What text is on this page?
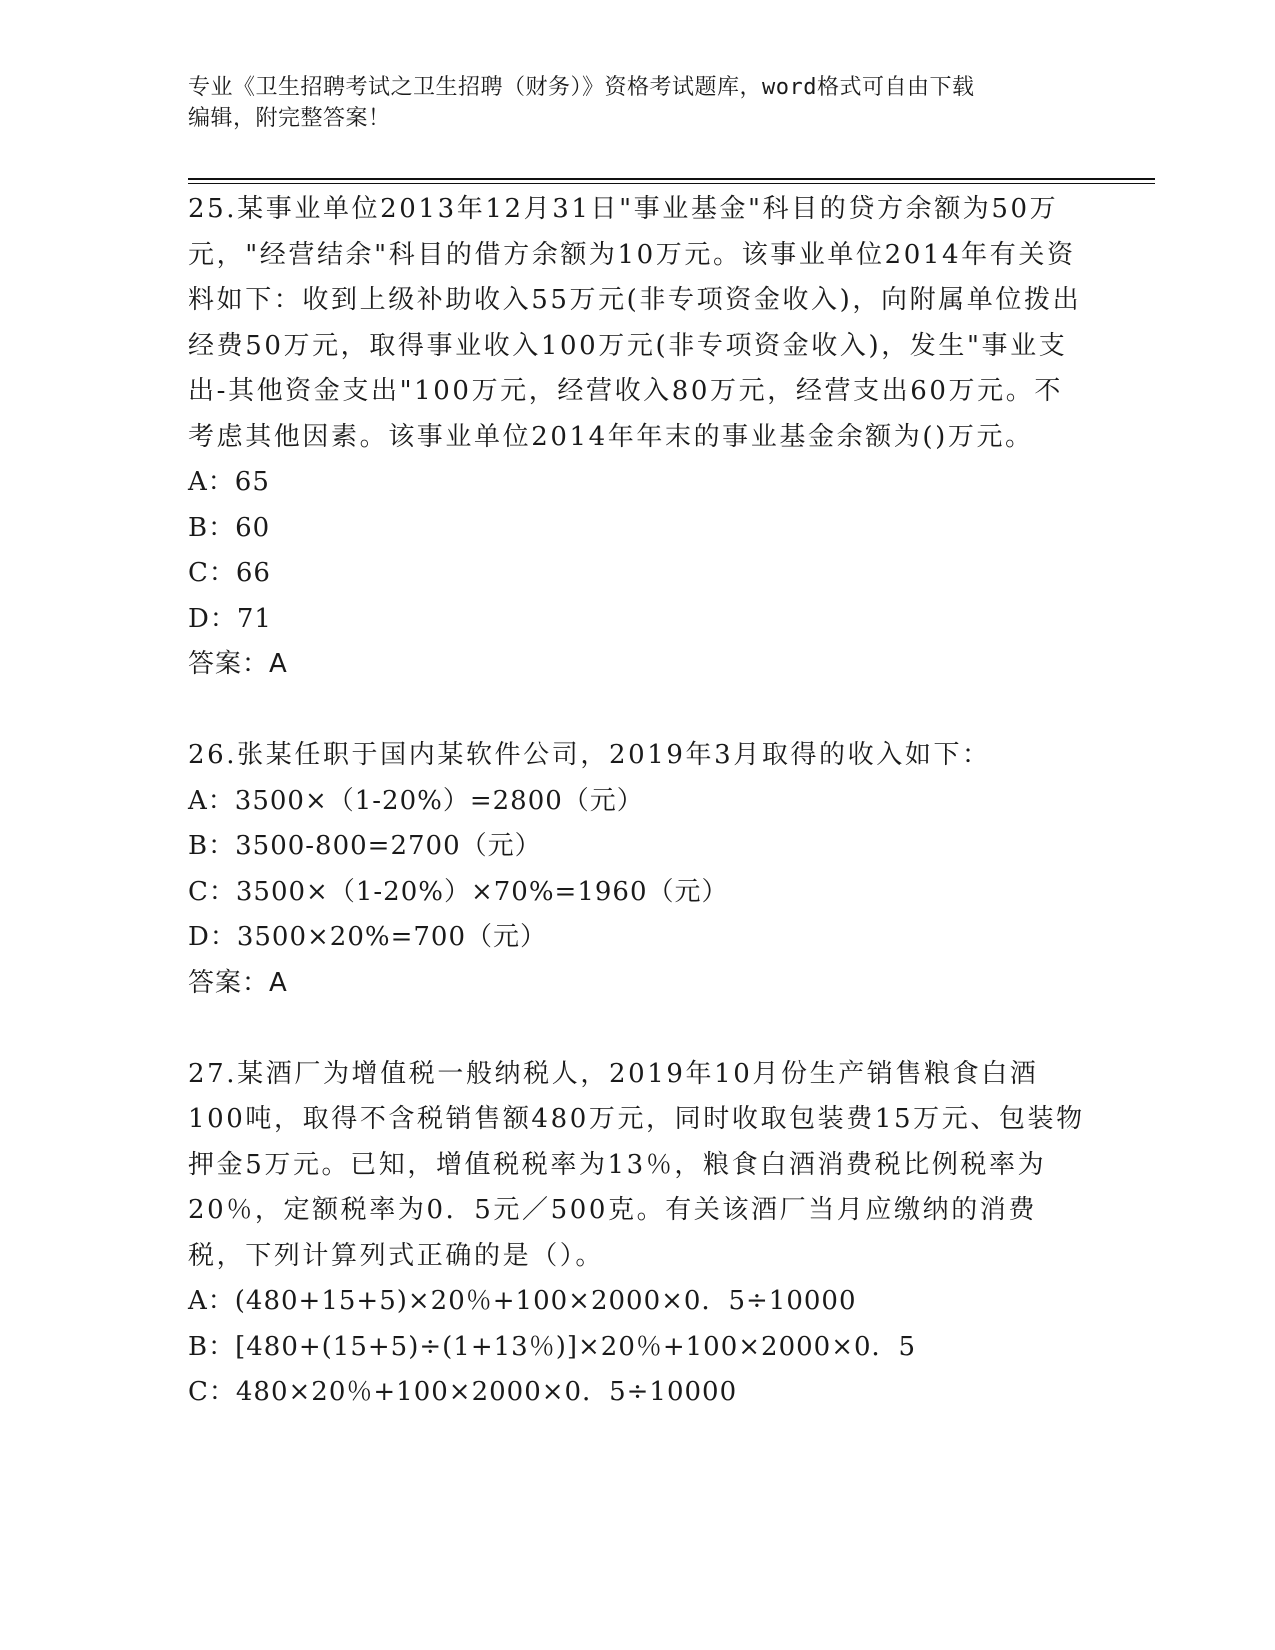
专业《卫生招聘考试之卫生招聘（财务）》资格考试题库，word格式可自由下载
编辑，附完整答案！

25.某事业单位2013年12月31日"事业基金"科目的贷方余额为50万元，"经营结余"科目的借方余额为10万元。该事业单位2014年有关资料如下：收到上级补助收入55万元(非专项资金收入)，向附属单位拨出经费50万元，取得事业收入100万元(非专项资金收入)，发生"事业支出-其他资金支出"100万元，经营收入80万元，经营支出60万元。不考虑其他因素。该事业单位2014年年末的事业基金余额为()万元。

A：65

B：60

C：66

D：71

答案：A

26.张某任职于国内某软件公司，2019年3月取得的收入如下：

A：3500×（1-20%）=2800（元）

B：3500-800=2700（元）

C：3500×（1-20%）×70%=1960（元）

D：3500×20%=700（元）

答案：A

27.某酒厂为增值税一般纳税人，2019年10月份生产销售粮食白酒100吨，取得不含税销售额480万元，同时收取包装费15万元、包装物押金5万元。已知，增值税税率为13％，粮食白酒消费税比例税率为20％，定额税率为0．5元／500克。有关该酒厂当月应缴纳的消费税，下列计算列式正确的是（）。

A：(480+15+5)×20％+100×2000×0．5÷10000

B：[480+(15+5)÷(1+13％)]×20％+100×2000×0．5

C：480×20％+100×2000×0．5÷10000
